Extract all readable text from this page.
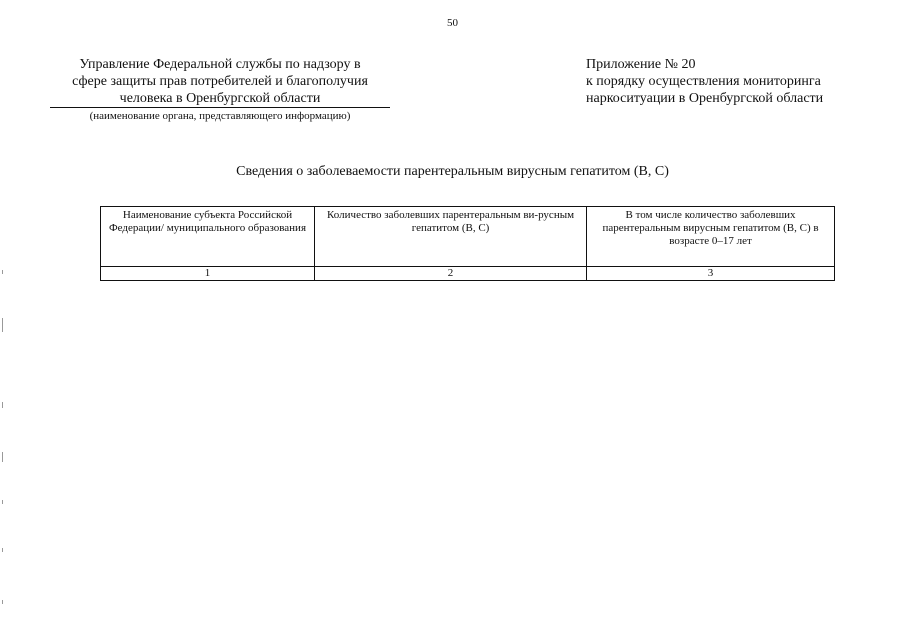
50
Управление Федеральной службы по надзору в
сфере защиты прав потребителей и благополучия
человека в Оренбургской области
(наименование органа, представляющего информацию)
Приложение № 20
к порядку осуществления мониторинга
наркоситуации в Оренбургской области
Сведения о заболеваемости парентеральным вирусным гепатитом (B, C)
Наименование субъекта Российской Федерации/ муниципального образования	Количество заболевших парентеральным ви-русным гепатитом (B, C)	В том числе количество заболевших парентеральным вирусным гепатитом (B, C) в возрасте 0–17 лет
1	2	3
